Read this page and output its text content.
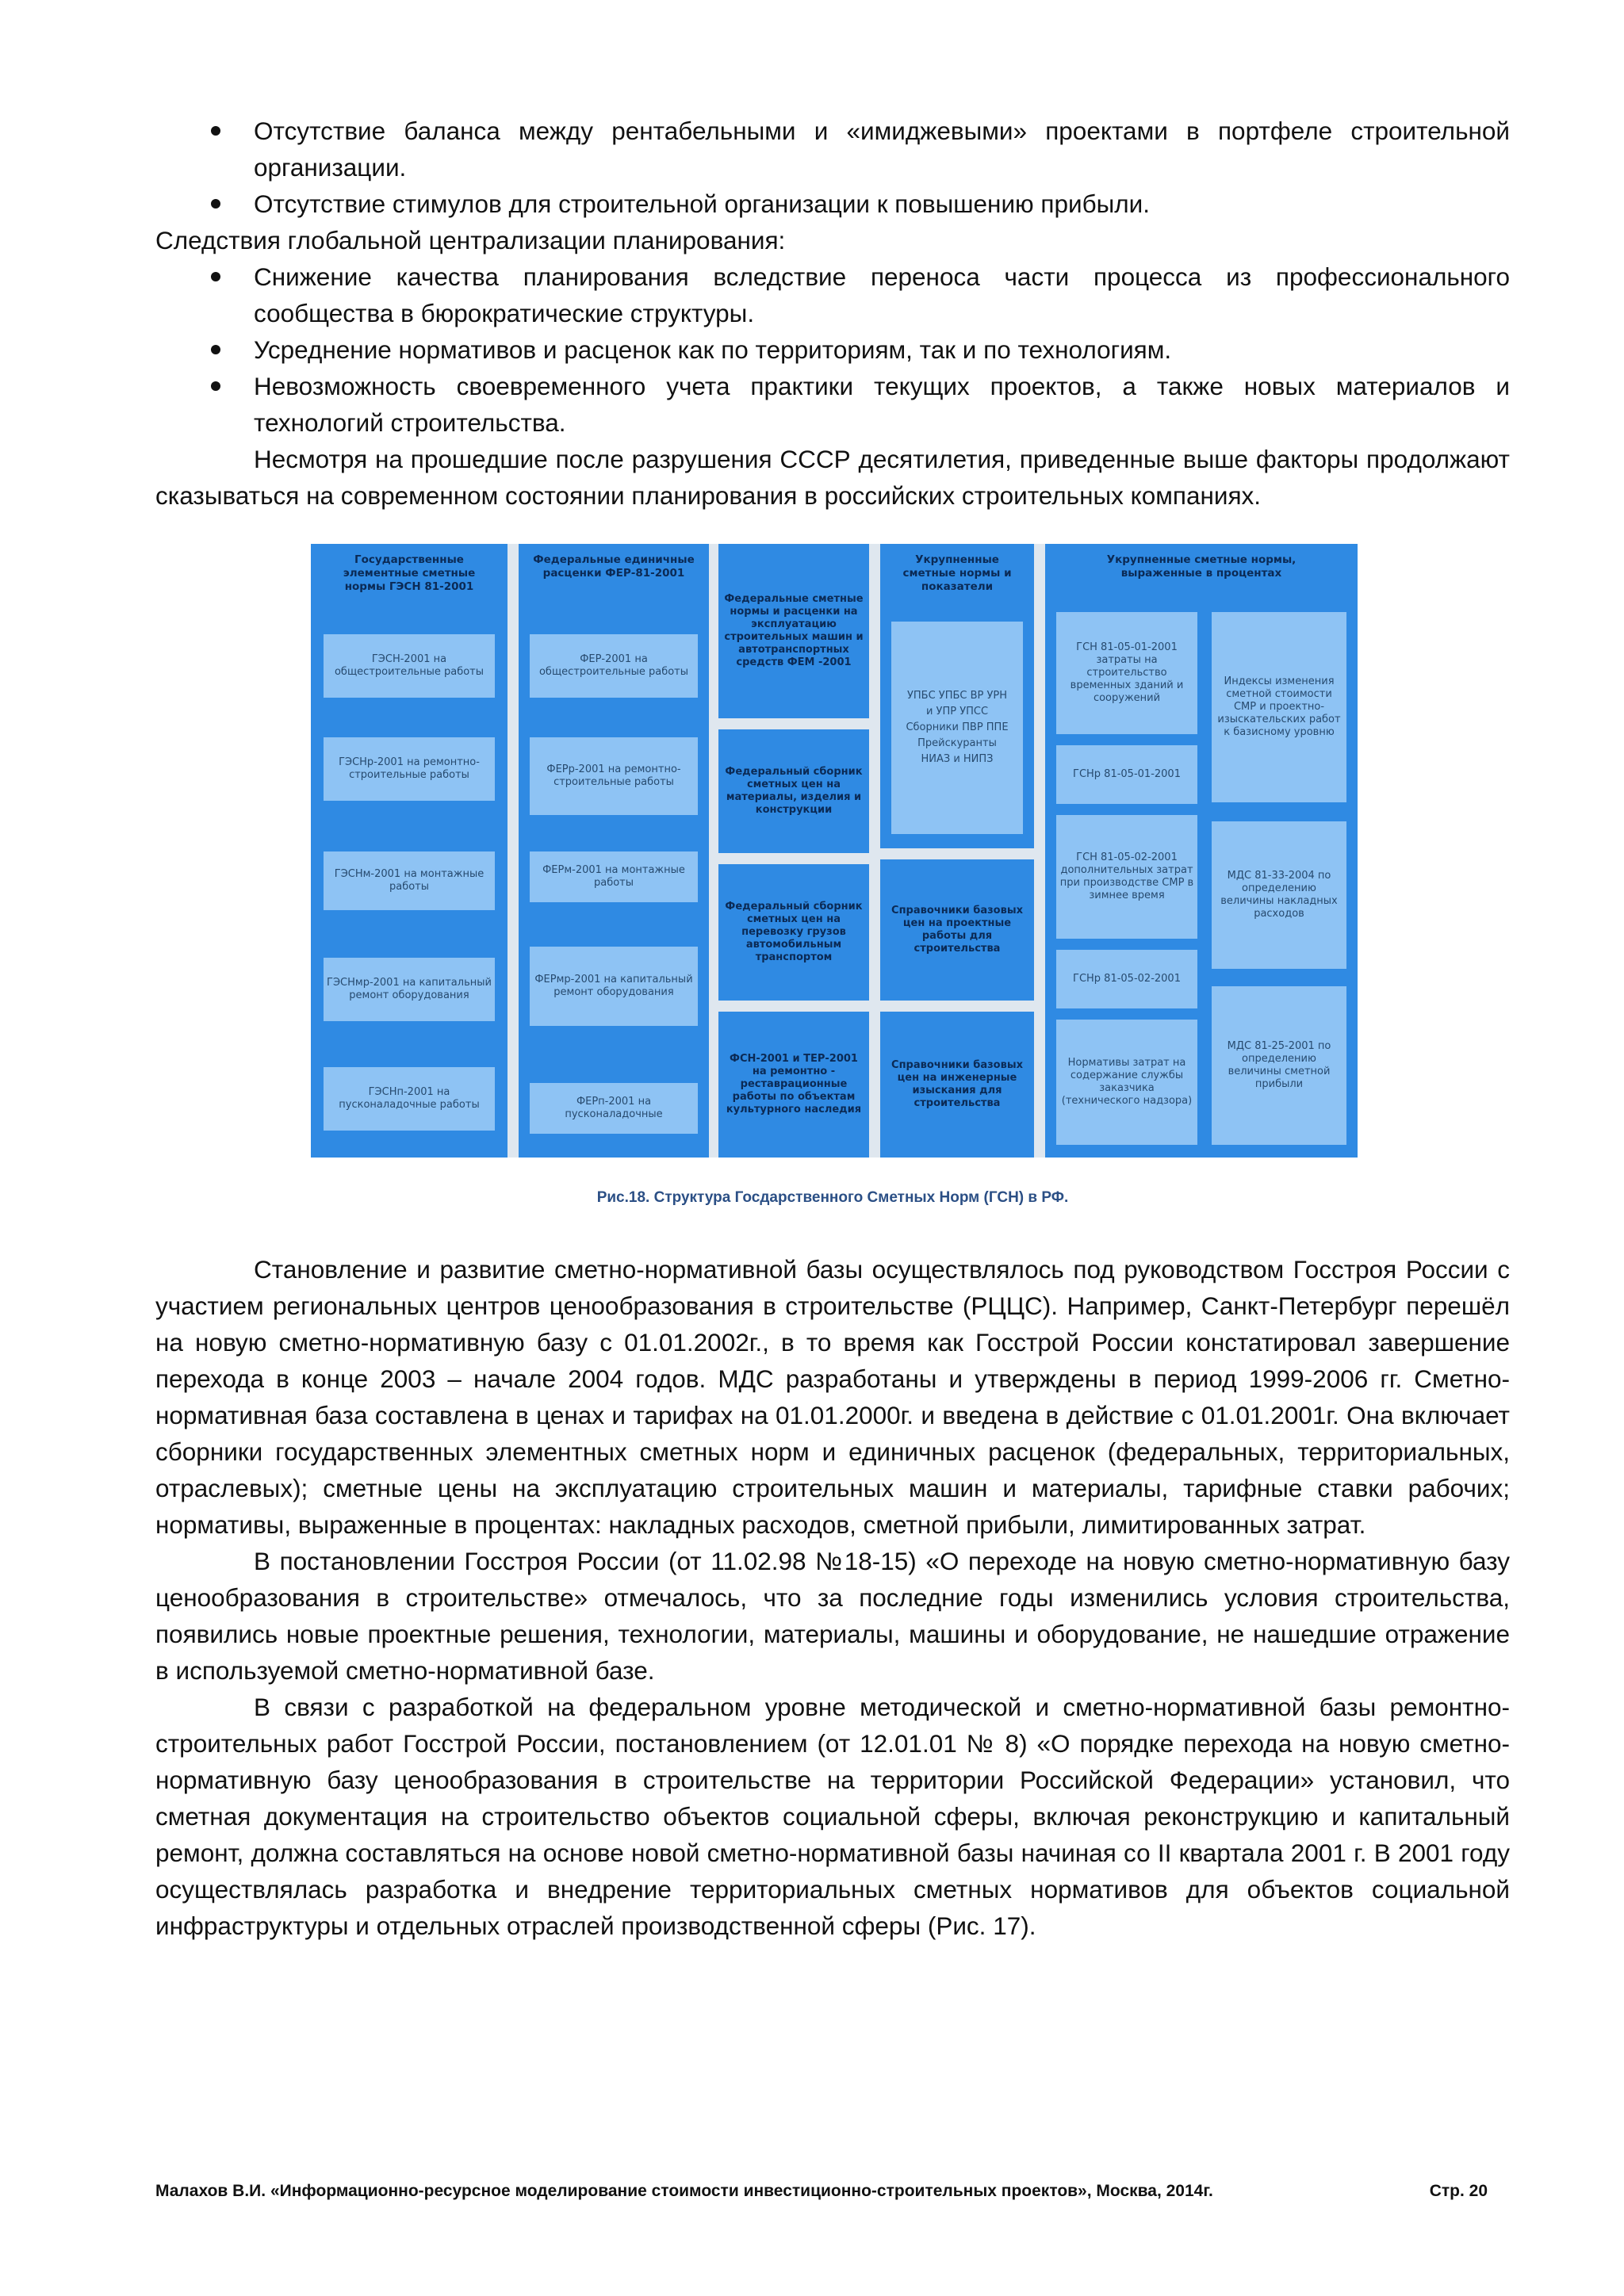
Отсутствие баланса между рентабельными и «имиджевыми» проектами в портфеле строительной организации.
Отсутствие стимулов для строительной организации к повышению прибыли.

Следствия глобальной централизации планирования:

Снижение качества планирования вследствие переноса части процесса из профессионального сообщества в бюрократические структуры.
Усреднение нормативов и расценок как по территориям, так и по технологиям.
Невозможность своевременного учета практики текущих проектов, а также новых материалов и технологий строительства.

Несмотря на прошедшие после разрушения СССР десятилетия, приведенные выше факторы продолжают сказываться на современном состоянии планирования в российских строительных компаниях.

Государственные элементные сметные нормы ГЭСН 81-2001
ГЭСН-2001 на общестроительные работы
ГЭСНр-2001 на ремонтно-строительные работы
ГЭСНм-2001 на монтажные работы
ГЭСНмр-2001 на капитальный ремонт оборудования
ГЭСНп-2001 на пусконаладочные работы
Федеральные единичные расценки ФЕР-81-2001
ФЕР-2001 на общестроительные работы
ФЕРр-2001 на ремонтно-строительные работы
ФЕРм-2001 на монтажные работы
ФЕРмр-2001 на капитальный ремонт оборудования
ФЕРп-2001 на пусконаладочные
Федеральные сметные нормы и расценки на эксплуатацию строительных машин и автотранспортных средств ФЕМ -2001
Федеральный сборник сметных цен на материалы, изделия и конструкции
Федеральный сборник сметных цен на перевозку грузов автомобильным транспортом
ФСН-2001 и ТЕР-2001 на ремонтно - реставрационные работы по объектам культурного наследия
Укрупненные сметные нормы и показатели
УПБС УПБС ВР УРН и УПР УПСС Сборники ПВР ППЕ Прейскуранты НИАЗ и НИПЗ
Справочники базовых цен на проектные работы для строительства
Справочники базовых цен на инженерные изыскания для строительства
Укрупненные сметные нормы, выраженные в процентах
ГСН 81-05-01-2001 затраты на строительство временных зданий и сооружений
ГСНр 81-05-01-2001
ГСН 81-05-02-2001 дополнительных затрат при производстве СМР в зимнее время
ГСНр 81-05-02-2001
Нормативы затрат на содержание службы заказчика (технического надзора)
Индексы изменения сметной стоимости СМР и проектно-изыскательских работ к базисному уровню
МДС 81-33-2004 по определению величины накладных расходов
МДС 81-25-2001 по определению величины сметной прибыли
Рис.18. Структура Госдарственного Сметных Норм (ГСН) в РФ.

Становление и развитие сметно-нормативной базы осуществлялось под руководством Госстроя России с участием региональных центров ценообразования в строительстве (РЦЦС). Например, Санкт-Петербург перешёл на новую сметно-нормативную базу с 01.01.2002г., в то время как Госстрой России констатировал завершение перехода в конце 2003 – начале 2004 годов. МДС разработаны и утверждены в период 1999-2006 гг. Сметно-нормативная база составлена в ценах и тарифах на 01.01.2000г. и введена в действие с 01.01.2001г. Она включает сборники государственных элементных сметных норм и единичных расценок (федеральных, территориальных, отраслевых); сметные цены на эксплуатацию строительных машин и материалы, тарифные ставки рабочих; нормативы, выраженные в процентах: накладных расходов, сметной прибыли, лимитированных затрат.

В постановлении Госстроя России (от 11.02.98 №18-15) «О переходе на новую сметно-нормативную базу ценообразования в строительстве» отмечалось, что за последние годы изменились условия строительства, появились новые проектные решения, технологии, материалы, машины и оборудование, не нашедшие отражение в используемой сметно-нормативной базе.

В связи с разработкой на федеральном уровне методической и сметно-нормативной базы ремонтно-строительных работ Госстрой России, постановлением (от 12.01.01 № 8) «О порядке перехода на новую сметно-нормативную базу ценообразования в строительстве на территории Российской Федерации» установил, что сметная документация на строительство объектов социальной сферы, включая реконструкцию и капитальный ремонт, должна составляться на основе новой сметно-нормативной базы начиная со II квартала 2001 г. В 2001 году осуществлялась разработка и внедрение территориальных сметных нормативов для объектов социальной инфраструктуры и отдельных отраслей производственной сферы (Рис. 17).

Малахов В.И. «Информационно-ресурсное моделирование стоимости инвестиционно-строительных проектов», Москва, 2014г.	Стр. 20
